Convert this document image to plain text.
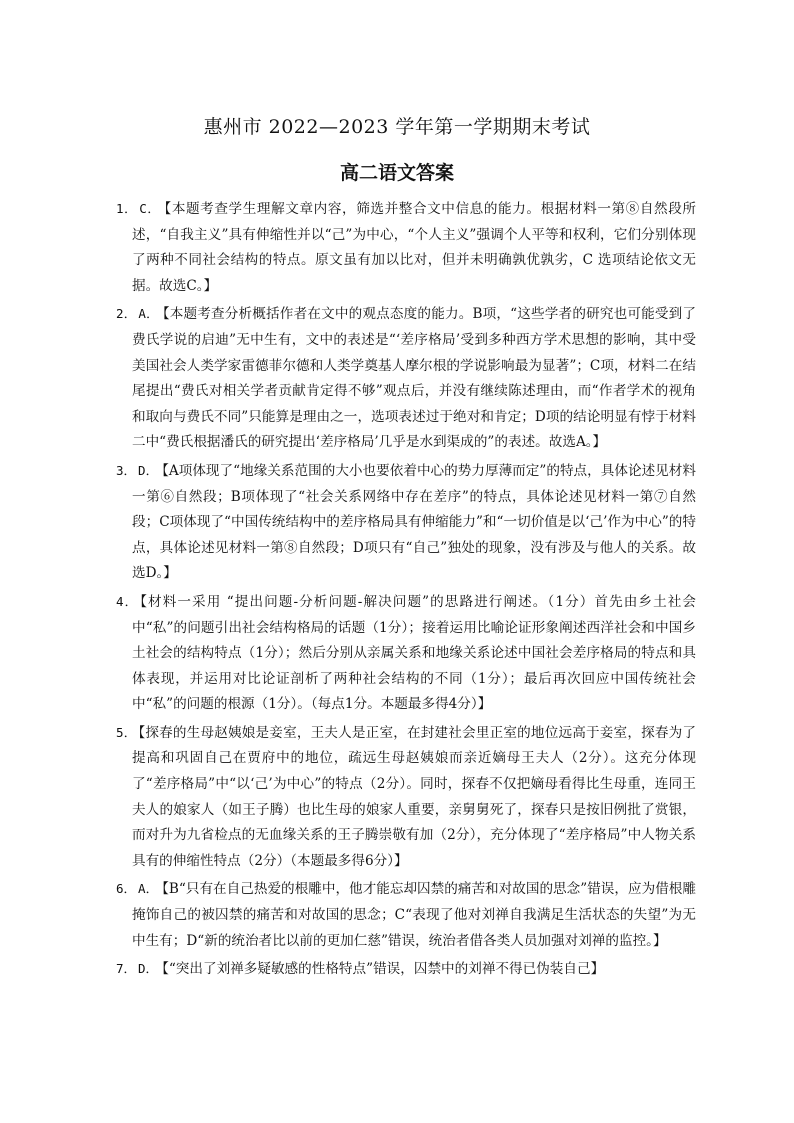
惠州市 2022—2023 学年第一学期期末考试
高二语文答案

1． C． 【本题考查学生理解文章内容，筛选并整合文中信息的能力。根据材料一第⑧自然段所述，“自我主义”具有伸缩性并以“己”为中心，“个人主义”强调个人平等和权利，它们分别体现了两种不同社会结构的特点。原文虽有加以比对，但并未明确孰优孰劣，C 选项结论依文无据。故选C。】

2． A． 【本题考查分析概括作者在文中的观点态度的能力。B项，“这些学者的研究也可能受到了费氏学说的启迪”无中生有，文中的表述是“‘差序格局’受到多种西方学术思想的影响，其中受美国社会人类学家雷德菲尔德和人类学奠基人摩尔根的学说影响最为显著”；C项，材料二在结尾提出“费氏对相关学者贡献肯定得不够”观点后，并没有继续陈述理由，而“作者学术的视角和取向与费氏不同”只能算是理由之一，选项表述过于绝对和肯定；D项的结论明显有悖于材料二中“费氏根据潘氏的研究提出‘差序格局’几乎是水到渠成的”的表述。故选A。】

3． D． 【A项体现了“地缘关系范围的大小也要依着中心的势力厚薄而定”的特点，具体论述见材料一第⑥自然段；B项体现了“社会关系网络中存在差序”的特点，具体论述见材料一第⑦自然段；C项体现了“中国传统结构中的差序格局具有伸缩能力”和“一切价值是以‘己’作为中心”的特点，具体论述见材料一第⑧自然段；D项只有“自己”独处的现象，没有涉及与他人的关系。故选D。】

4． 【材料一采用 “提出问题-分析问题-解决问题”的思路进行阐述。（1分）首先由乡土社会中“私”的问题引出社会结构格局的话题（1分）；接着运用比喻论证形象阐述西洋社会和中国乡土社会的结构特点（1分）；然后分别从亲属关系和地缘关系论述中国社会差序格局的特点和具体表现，并运用对比论证剖析了两种社会结构的不同（1分）；最后再次回应中国传统社会中“私”的问题的根源（1分）。（每点1分。本题最多得4分）】

5． 【探春的生母赵姨娘是妾室，王夫人是正室，在封建社会里正室的地位远高于妾室，探春为了提高和巩固自己在贾府中的地位，疏远生母赵姨娘而亲近嫡母王夫人（2分）。这充分体现了“差序格局”中“以‘己’为中心”的特点（2分）。同时，探春不仅把嫡母看得比生母重，连同王夫人的娘家人（如王子腾）也比生母的娘家人重要，亲舅舅死了，探春只是按旧例批了赏银，而对升为九省检点的无血缘关系的王子腾崇敬有加（2分），充分体现了“差序格局”中人物关系具有的伸缩性特点（2分）（本题最多得6分）】

6． A． 【B“只有在自己热爱的根雕中，他才能忘却囚禁的痛苦和对故国的思念”错误，应为借根雕掩饰自己的被囚禁的痛苦和对故国的思念；C“表现了他对刘禅自我满足生活状态的失望”为无中生有；D“新的统治者比以前的更加仁慈”错误，统治者借各类人员加强对刘禅的监控。】

7． D． 【“突出了刘禅多疑敏感的性格特点”错误，囚禁中的刘禅不得已伪装自己】
